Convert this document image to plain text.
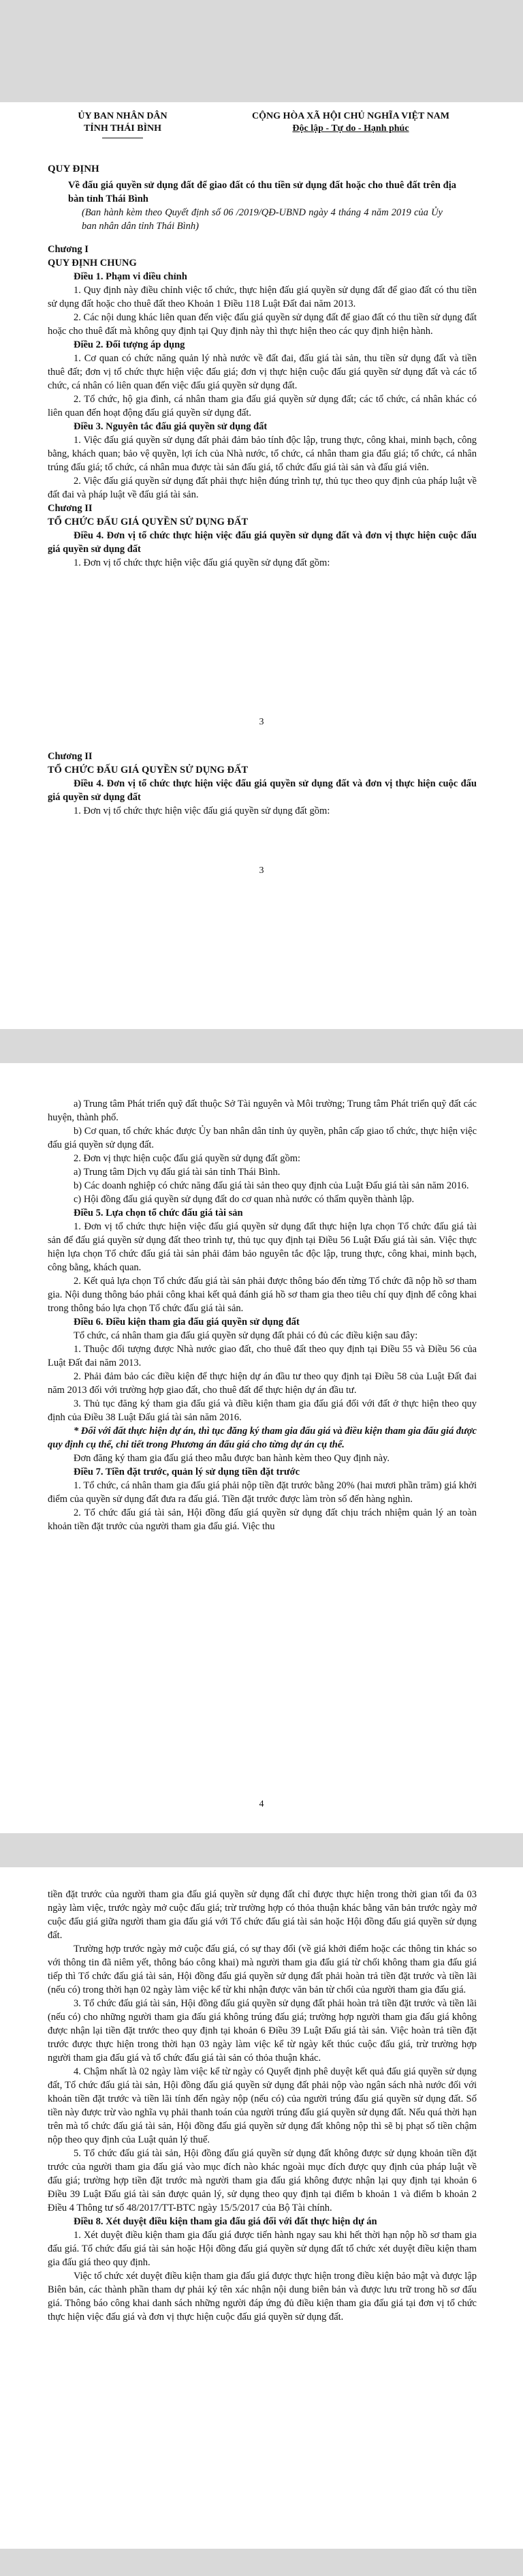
ỦY BAN NHÂN DÂN
TỈNH THÁI BÌNH
CỘNG HÒA XÃ HỘI CHỦ NGHĨA VIỆT NAM
Độc lập - Tự do - Hạnh phúc

QUY ĐỊNH

Về đấu giá quyền sử dụng đất để giao đất có thu tiền sử dụng đất hoặc cho thuê đất trên địa bàn tỉnh Thái Bình

(Ban hành kèm theo Quyết định số 06 /2019/QĐ-UBND ngày 4 tháng 4 năm 2019 của Ủy ban nhân dân tỉnh Thái Bình)

Chương I

QUY ĐỊNH CHUNG

Điều 1. Phạm vi điều chỉnh

1. Quy định này điều chỉnh việc tổ chức, thực hiện đấu giá quyền sử dụng đất để giao đất có thu tiền sử dụng đất hoặc cho thuê đất theo Khoản 1 Điều 118 Luật Đất đai năm 2013.

2. Các nội dung khác liên quan đến việc đấu giá quyền sử dụng đất để giao đất có thu tiền sử dụng đất hoặc cho thuê đất mà không quy định tại Quy định này thì thực hiện theo các quy định hiện hành.

Điều 2. Đối tượng áp dụng

1. Cơ quan có chức năng quản lý nhà nước về đất đai, đấu giá tài sản, thu tiền sử dụng đất và tiền thuê đất; đơn vị tổ chức thực hiện việc đấu giá; đơn vị thực hiện cuộc đấu giá quyền sử dụng đất và các tổ chức, cá nhân có liên quan đến việc đấu giá quyền sử dụng đất.

2. Tổ chức, hộ gia đình, cá nhân tham gia đấu giá quyền sử dụng đất; các tổ chức, cá nhân khác có liên quan đến hoạt động đấu giá quyền sử dụng đất.

Điều 3. Nguyên tắc đấu giá quyền sử dụng đất

1. Việc đấu giá quyền sử dụng đất phải đảm bảo tính độc lập, trung thực, công khai, minh bạch, công bằng, khách quan; bảo vệ quyền, lợi ích của Nhà nước, tổ chức, cá nhân tham gia đấu giá; tổ chức, cá nhân trúng đấu giá; tổ chức, cá nhân mua được tài sản đấu giá, tổ chức đấu giá tài sản và đấu giá viên.

2. Việc đấu giá quyền sử dụng đất phải thực hiện đúng trình tự, thủ tục theo quy định của pháp luật về đất đai và pháp luật về đấu giá tài sản.

Chương II

TỔ CHỨC ĐẤU GIÁ QUYỀN SỬ DỤNG ĐẤT

Điều 4. Đơn vị tổ chức thực hiện việc đấu giá quyền sử dụng đất và đơn vị thực hiện cuộc đấu giá quyền sử dụng đất

1. Đơn vị tổ chức thực hiện việc đấu giá quyền sử dụng đất gồm:

3

Chương II

TỔ CHỨC ĐẤU GIÁ QUYỀN SỬ DỤNG ĐẤT

Điều 4. Đơn vị tổ chức thực hiện việc đấu giá quyền sử dụng đất và đơn vị thực hiện cuộc đấu giá quyền sử dụng đất

1. Đơn vị tổ chức thực hiện việc đấu giá quyền sử dụng đất gồm:

3

a) Trung tâm Phát triển quỹ đất thuộc Sở Tài nguyên và Môi trường; Trung tâm Phát triển quỹ đất các huyện, thành phố.

b) Cơ quan, tổ chức khác được Ủy ban nhân dân tỉnh ủy quyền, phân cấp giao tổ chức, thực hiện việc đấu giá quyền sử dụng đất.

2. Đơn vị thực hiện cuộc đấu giá quyền sử dụng đất gồm:

a) Trung tâm Dịch vụ đấu giá tài sản tỉnh Thái Bình.

b) Các doanh nghiệp có chức năng đấu giá tài sản theo quy định của Luật Đấu giá tài sản năm 2016.

c) Hội đồng đấu giá quyền sử dụng đất do cơ quan nhà nước có thẩm quyền thành lập.

Điều 5. Lựa chọn tổ chức đấu giá tài sản

1. Đơn vị tổ chức thực hiện việc đấu giá quyền sử dụng đất thực hiện lựa chọn Tổ chức đấu giá tài sản để đấu giá quyền sử dụng đất theo trình tự, thủ tục quy định tại Điều 56 Luật Đấu giá tài sản. Việc thực hiện lựa chọn Tổ chức đấu giá tài sản phải đảm bảo nguyên tắc độc lập, trung thực, công khai, minh bạch, công bằng, khách quan.

2. Kết quả lựa chọn Tổ chức đấu giá tài sản phải được thông báo đến từng Tổ chức đã nộp hồ sơ tham gia. Nội dung thông báo phải công khai kết quả đánh giá hồ sơ tham gia theo tiêu chí quy định để công khai trong thông báo lựa chọn Tổ chức đấu giá tài sản.

Điều 6. Điều kiện tham gia đấu giá quyền sử dụng đất

Tổ chức, cá nhân tham gia đấu giá quyền sử dụng đất phải có đủ các điều kiện sau đây:

1. Thuộc đối tượng được Nhà nước giao đất, cho thuê đất theo quy định tại Điều 55 và Điều 56 của Luật Đất đai năm 2013.

2. Phải đảm bảo các điều kiện để thực hiện dự án đầu tư theo quy định tại Điều 58 của Luật Đất đai năm 2013 đối với trường hợp giao đất, cho thuê đất để thực hiện dự án đầu tư.

3. Thủ tục đăng ký tham gia đấu giá và điều kiện tham gia đấu giá đối với đất ở thực hiện theo quy định của Điều 38 Luật Đấu giá tài sản năm 2016.

* Đối với đất thực hiện dự án, thì tục đăng ký tham gia đấu giá và điều kiện tham gia đấu giá được quy định cụ thể, chi tiết trong Phương án đấu giá cho từng dự án cụ thể.

Đơn đăng ký tham gia đấu giá theo mẫu được ban hành kèm theo Quy định này.

Điều 7. Tiền đặt trước, quản lý sử dụng tiền đặt trước

1. Tổ chức, cá nhân tham gia đấu giá phải nộp tiền đặt trước bằng 20% (hai mươi phần trăm) giá khởi điểm của quyền sử dụng đất đưa ra đấu giá. Tiền đặt trước được làm tròn số đến hàng nghìn.

2. Tổ chức đấu giá tài sản, Hội đồng đấu giá quyền sử dụng đất chịu trách nhiệm quản lý an toàn khoản tiền đặt trước của người tham gia đấu giá. Việc thu

4

tiền đặt trước của người tham gia đấu giá quyền sử dụng đất chỉ được thực hiện trong thời gian tối đa 03 ngày làm việc, trước ngày mở cuộc đấu giá; trừ trường hợp có thỏa thuận khác bằng văn bản trước ngày mở cuộc đấu giá giữa người tham gia đấu giá với Tổ chức đấu giá tài sản hoặc Hội đồng đấu giá quyền sử dụng đất.

Trường hợp trước ngày mở cuộc đấu giá, có sự thay đổi (về giá khởi điểm hoặc các thông tin khác so với thông tin đã niêm yết, thông báo công khai) mà người tham gia đấu giá từ chối không tham gia đấu giá tiếp thì Tổ chức đấu giá tài sản, Hội đồng đấu giá quyền sử dụng đất phải hoàn trả tiền đặt trước và tiền lãi (nếu có) trong thời hạn 02 ngày làm việc kể từ khi nhận được văn bản từ chối của người tham gia đấu giá.

3. Tổ chức đấu giá tài sản, Hội đồng đấu giá quyền sử dụng đất phải hoàn trả tiền đặt trước và tiền lãi (nếu có) cho những người tham gia đấu giá không trúng đấu giá; trường hợp người tham gia đấu giá không được nhận lại tiền đặt trước theo quy định tại khoản 6 Điều 39 Luật Đấu giá tài sản. Việc hoàn trả tiền đặt trước được thực hiện trong thời hạn 03 ngày làm việc kể từ ngày kết thúc cuộc đấu giá, trừ trường hợp người tham gia đấu giá và tổ chức đấu giá tài sản có thỏa thuận khác.

4. Chậm nhất là 02 ngày làm việc kể từ ngày có Quyết định phê duyệt kết quả đấu giá quyền sử dụng đất, Tổ chức đấu giá tài sản, Hội đồng đấu giá quyền sử dụng đất phải nộp vào ngân sách nhà nước đối với khoản tiền đặt trước và tiền lãi tính đến ngày nộp (nếu có) của người trúng đấu giá quyền sử dụng đất. Số tiền này được trừ vào nghĩa vụ phải thanh toán của người trúng đấu giá quyền sử dụng đất. Nếu quá thời hạn trên mà tổ chức đấu giá tài sản, Hội đồng đấu giá quyền sử dụng đất không nộp thì sẽ bị phạt số tiền chậm nộp theo quy định của Luật quản lý thuế.

5. Tổ chức đấu giá tài sản, Hội đồng đấu giá quyền sử dụng đất không được sử dụng khoản tiền đặt trước của người tham gia đấu giá vào mục đích nào khác ngoài mục đích được quy định của pháp luật về đấu giá; trường hợp tiền đặt trước mà người tham gia đấu giá không được nhận lại quy định tại khoản 6 Điều 39 Luật Đấu giá tài sản được quản lý, sử dụng theo quy định tại điểm b khoản 1 và điểm b khoản 2 Điều 4 Thông tư số 48/2017/TT-BTC ngày 15/5/2017 của Bộ Tài chính.

Điều 8. Xét duyệt điều kiện tham gia đấu giá đối với đất thực hiện dự án

1. Xét duyệt điều kiện tham gia đấu giá được tiến hành ngay sau khi hết thời hạn nộp hồ sơ tham gia đấu giá. Tổ chức đấu giá tài sản hoặc Hội đồng đấu giá quyền sử dụng đất tổ chức xét duyệt điều kiện tham gia đấu giá theo quy định.

Việc tổ chức xét duyệt điều kiện tham gia đấu giá được thực hiện trong điều kiện bảo mật và được lập Biên bản, các thành phần tham dự phải ký tên xác nhận nội dung biên bản và được lưu trữ trong hồ sơ đấu giá. Thông báo công khai danh sách những người đáp ứng đủ điều kiện tham gia đấu giá tại đơn vị tổ chức thực hiện việc đấu giá và đơn vị thực hiện cuộc đấu giá quyền sử dụng đất.
